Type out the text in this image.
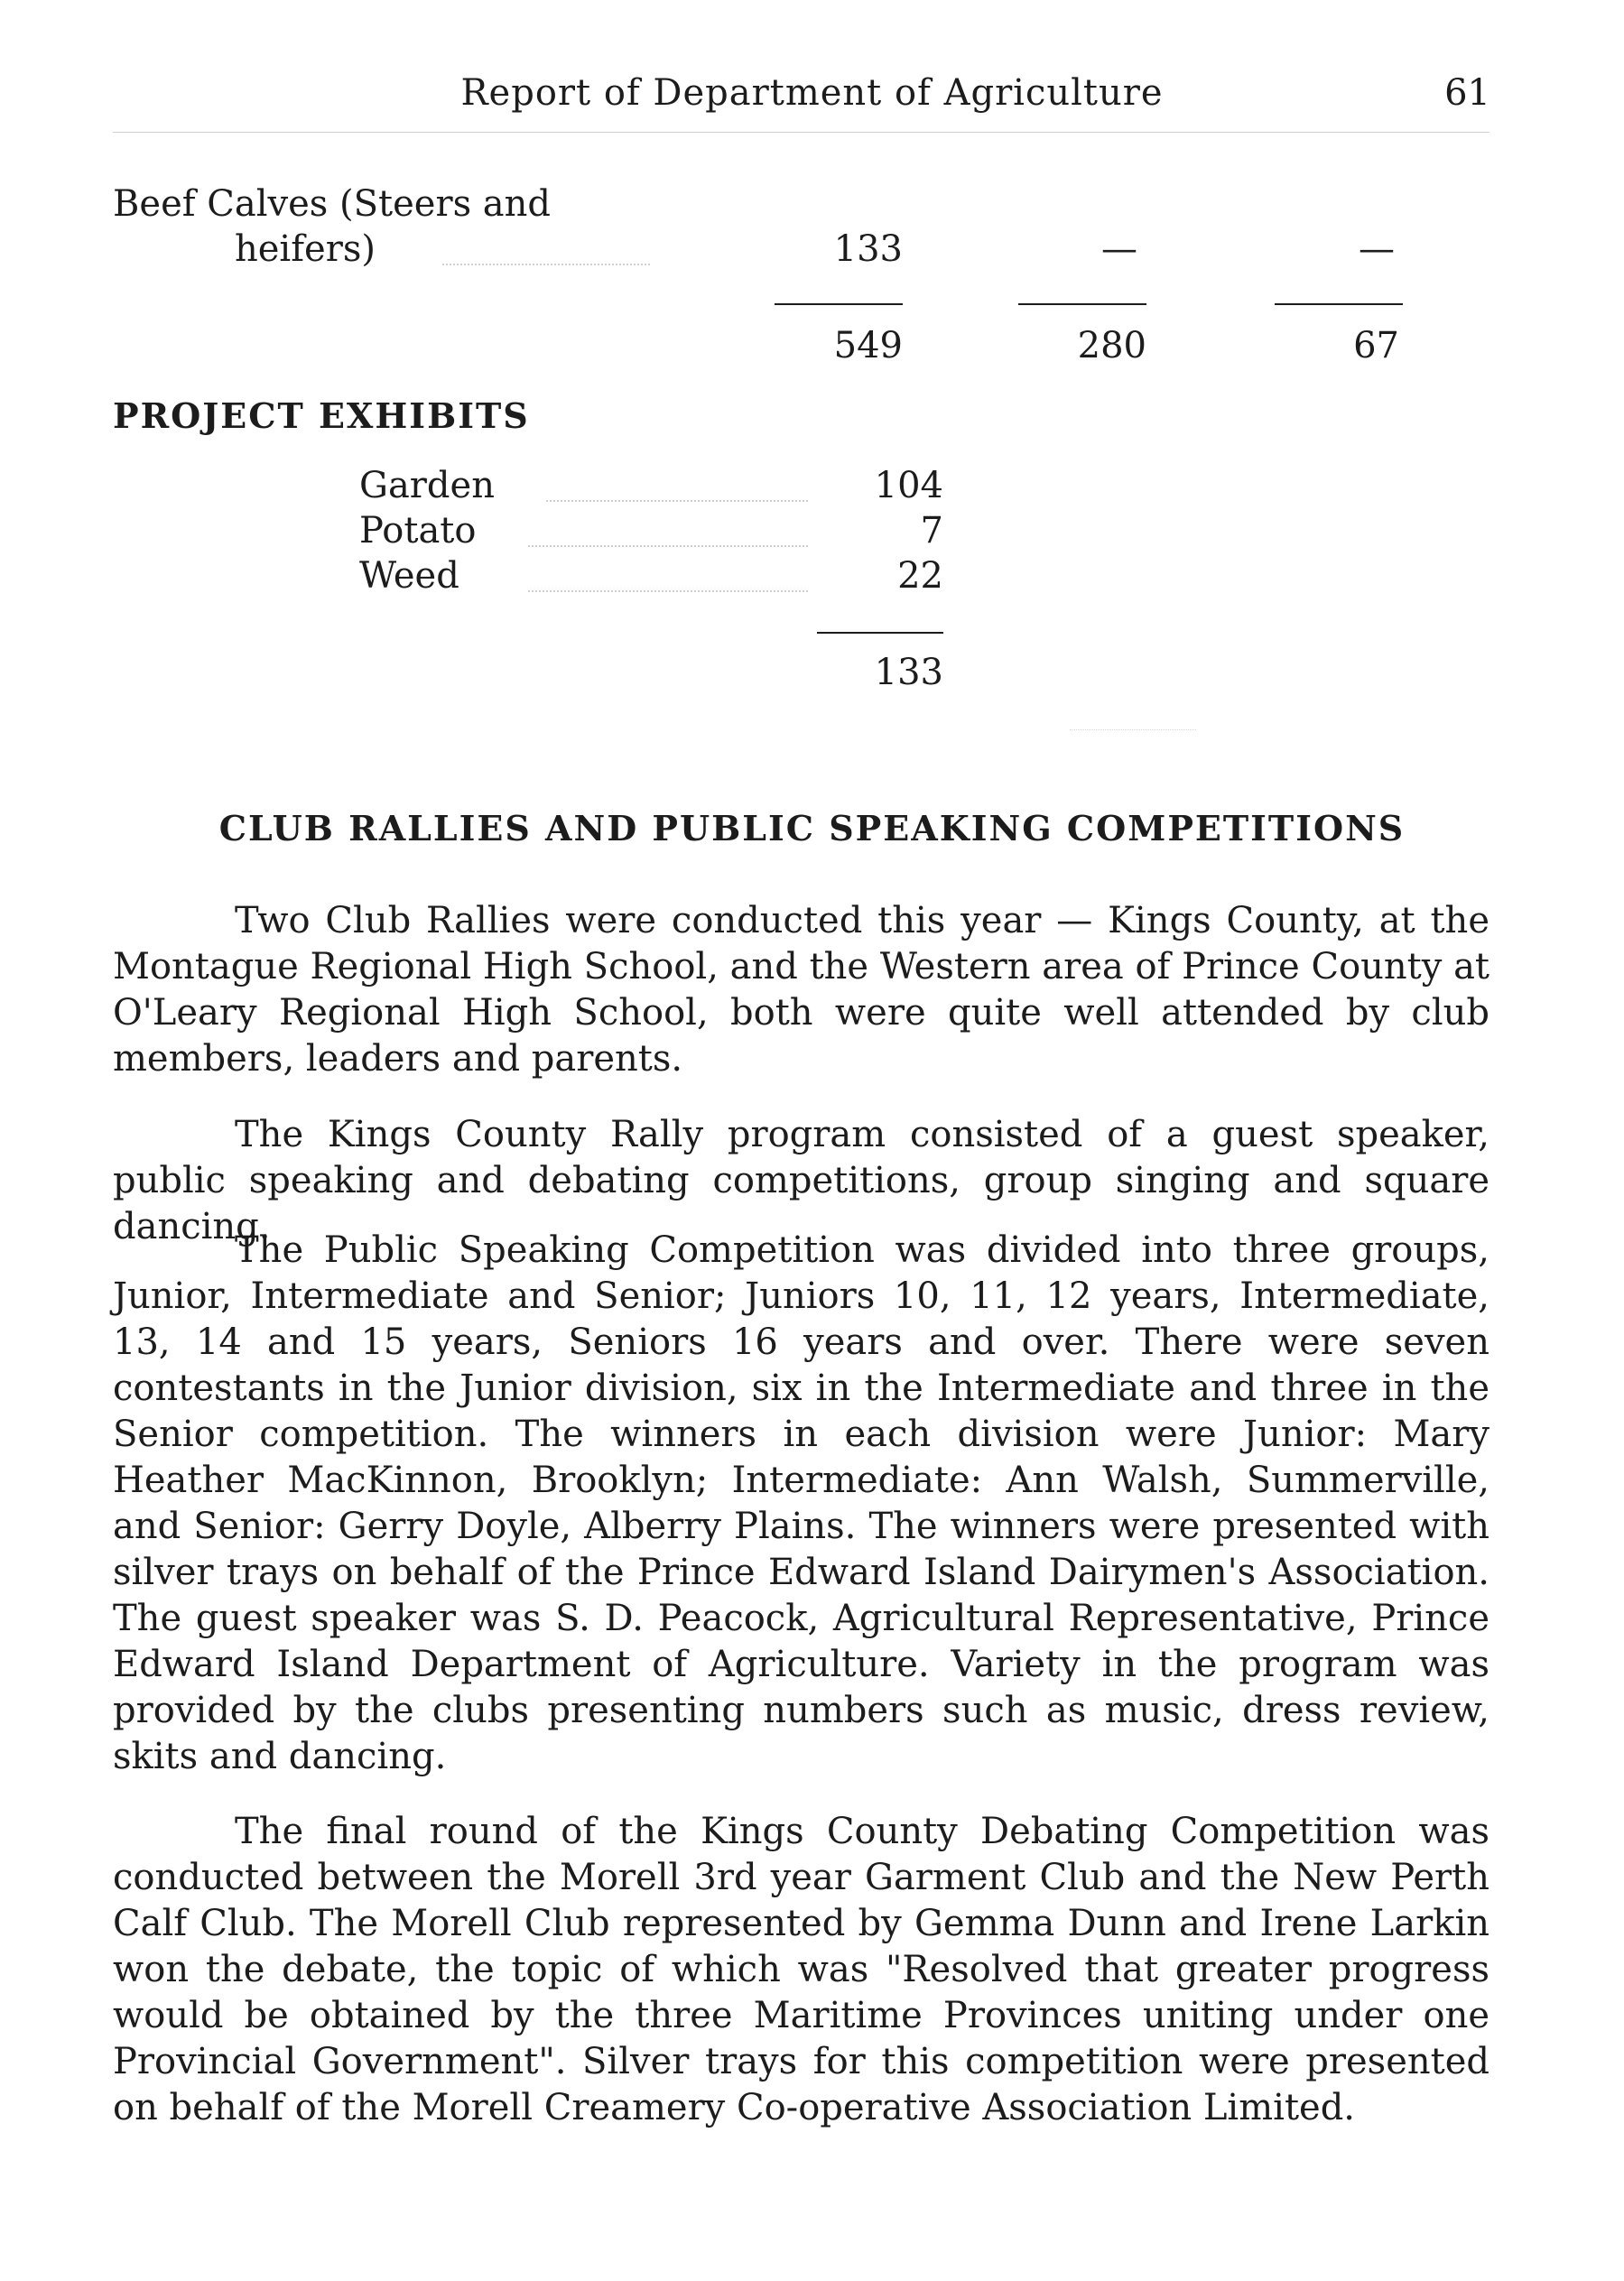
Report of Department of Agriculture	61
Beef Calves (Steers and
heifers)	133	—	—
549	280	67
PROJECT EXHIBITS
Garden	104
Potato	7
Weed	22
133
CLUB RALLIES AND PUBLIC SPEAKING COMPETITIONS

Two Club Rallies were conducted this year — Kings County, at the Montague Regional High School, and the Western area of Prince County at O'Leary Regional High School, both were quite well attended by club members, leaders and parents.

The Kings County Rally program consisted of a guest speaker, public speaking and debating competitions, group singing and square dancing.

The Public Speaking Competition was divided into three groups, Junior, Intermediate and Senior; Juniors 10, 11, 12 years, Intermediate, 13, 14 and 15 years, Seniors 16 years and over. There were seven contestants in the Junior division, six in the Intermediate and three in the Senior competition. The winners in each division were Junior: Mary Heather MacKinnon, Brooklyn; Intermediate: Ann Walsh, Summerville, and Senior: Gerry Doyle, Alberry Plains. The winners were presented with silver trays on behalf of the Prince Edward Island Dairymen's Association. The guest speaker was S. D. Peacock, Agricultural Representative, Prince Edward Island Department of Agriculture. Variety in the program was provided by the clubs presenting numbers such as music, dress review, skits and dancing.

The final round of the Kings County Debating Competition was conducted between the Morell 3rd year Garment Club and the New Perth Calf Club. The Morell Club represented by Gemma Dunn and Irene Larkin won the debate, the topic of which was "Resolved that greater progress would be obtained by the three Maritime Provinces uniting under one Provincial Government". Silver trays for this competition were presented on behalf of the Morell Creamery Co-operative Association Limited.
